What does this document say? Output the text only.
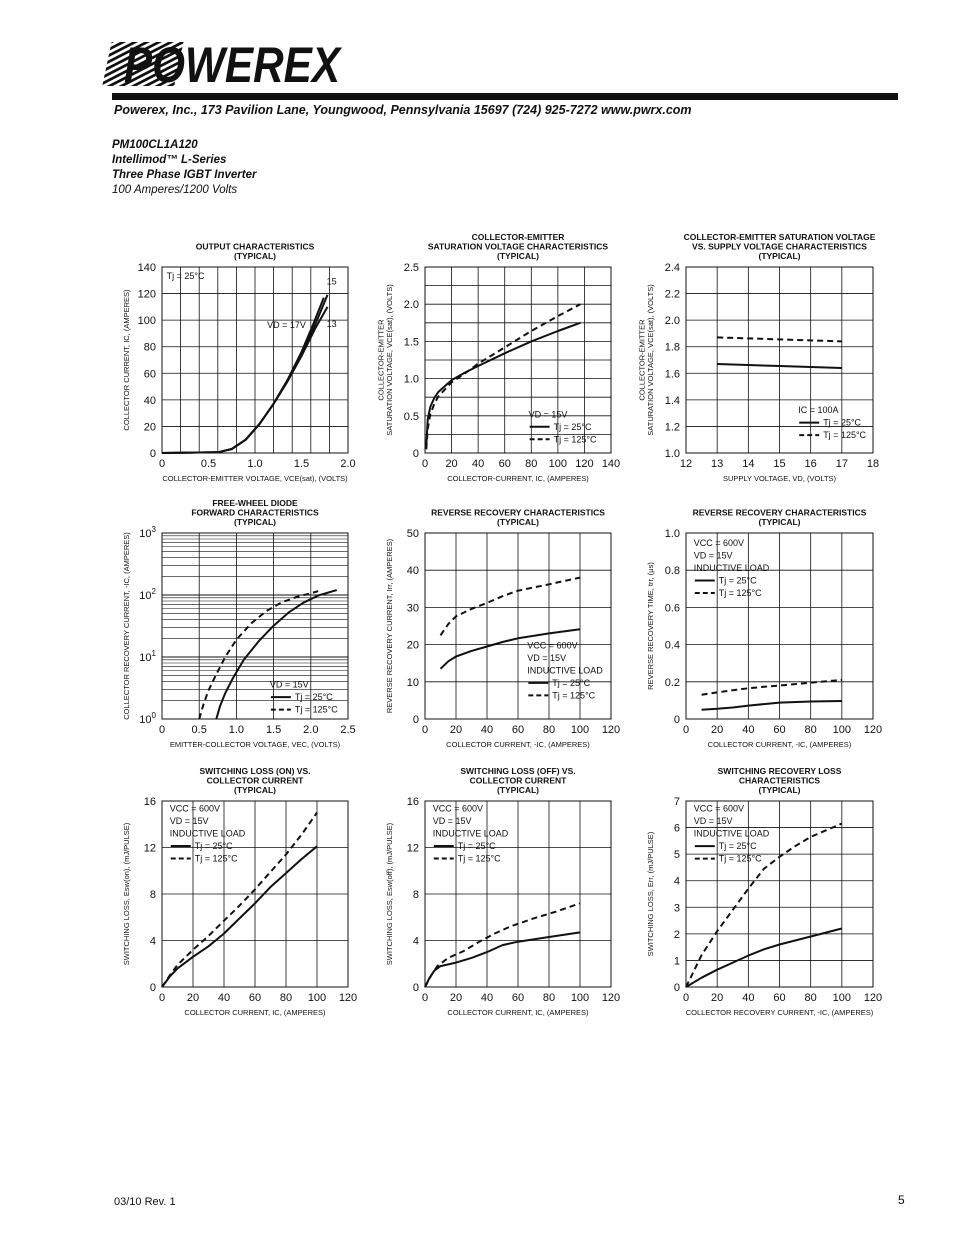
POWEREX
Powerex, Inc., 173 Pavilion Lane, Youngwood, Pennsylvania 15697 (724) 925-7272 www.pwrx.com
PM100CL1A120
Intellimod™ L-Series
Three Phase IGBT Inverter
100 Amperes/1200 Volts
0	0.5	1.0	1.5	2.0
0
20
40
60
80
100
120
140
OUTPUT CHARACTERISTICS
(TYPICAL)
COLLECTOR-EMITTER VOLTAGE, VCE(sat), (VOLTS)
COLLECTOR CURRENT, IC, (AMPERES)
Tj = 25°C
VD = 17V
15
13
0 20 40 60 80 100 120 140
0
0.5
1.0
1.5
2.0
2.5
COLLECTOR-EMITTER
SATURATION VOLTAGE CHARACTERISTICS
(TYPICAL)
COLLECTOR-CURRENT, IC, (AMPERES)
COLLECTOR-EMITTER SATURATION VOLTAGE, VCE(sat), (VOLTS)	VD = 15V
Tj = 25°C
Tj = 125°C
12 13 14 15 16 17 18
1.0
1.2
1.4
1.6
1.8
2.0
2.2
2.4
COLLECTOR-EMITTER SATURATION VOLTAGE
VS. SUPPLY VOLTAGE CHARACTERISTICS
(TYPICAL)
SUPPLY VOLTAGE, VD, (VOLTS)
COLLECTOR-EMITTER SATURATION VOLTAGE, VCE(sat), (VOLTS)	IC = 100A
Tj = 25°C
Tj = 125°C
0 0.5 1.0 1.5 2.0 2.5
$10^0$
$10^1$
$10^2$
$10^3$
FREE-WHEEL DIODE
FORWARD CHARACTERISTICS
(TYPICAL)
EMITTER-COLLECTOR VOLTAGE, VEC, (VOLTS)
COLLECTOR RECOVERY CURRENT, -IC, (AMPERES)	VD = 15V
Tj = 25°C
Tj = 125°C
0 20 40 60 80 100 120
0
10
20
30
40
50
REVERSE RECOVERY CHARACTERISTICS
(TYPICAL)
COLLECTOR CURRENT, -IC, (AMPERES)
REVERSE RECOVERY CURRENT, Irr, (AMPERES)	VCC = 600V
VD = 15V
INDUCTIVE LOAD
Tj = 25°C
Tj = 125°C
0 20 40 60 80 100 120
0
0.2
0.4
0.6
0.8
1.0
REVERSE RECOVERY CHARACTERISTICS
(TYPICAL)
COLLECTOR CURRENT, -IC, (AMPERES)
REVERSE RECOVERY TIME, trr, (μs)
VCC = 600V
VD = 15V
INDUCTIVE LOAD
Tj = 25°C
Tj = 125°C
0 20 40 60 80 100 120
0
4
8
12
16
SWITCHING LOSS (ON) VS.
COLLECTOR CURRENT
(TYPICAL)
COLLECTOR CURRENT, IC, (AMPERES)
SWITCHING LOSS, Esw(on), (mJ/PULSE)
VCC = 600V
VD = 15V
INDUCTIVE LOAD
Tj = 25°C
Tj = 125°C
0 20 40 60 80 100 120
0
4
8
12
16
SWITCHING LOSS (OFF) VS.
COLLECTOR CURRENT
(TYPICAL)
COLLECTOR CURRENT, IC, (AMPERES)
SWITCHING LOSS, Esw(off), (mJ/PULSE)
VCC = 600V
VD = 15V
INDUCTIVE LOAD
Tj = 25°C
Tj = 125°C
0 20 40 60 80 100 120
0
1
2
3
4
5
6
7
SWITCHING RECOVERY LOSS
CHARACTERISTICS
(TYPICAL)
COLLECTOR RECOVERY CURRENT, -IC, (AMPERES)
SWITCHING LOSS, Err, (mJ/PULSE)
VCC = 600V
VD = 15V
INDUCTIVE LOAD
Tj = 25°C
Tj = 125°C
03/10 Rev. 1	5
